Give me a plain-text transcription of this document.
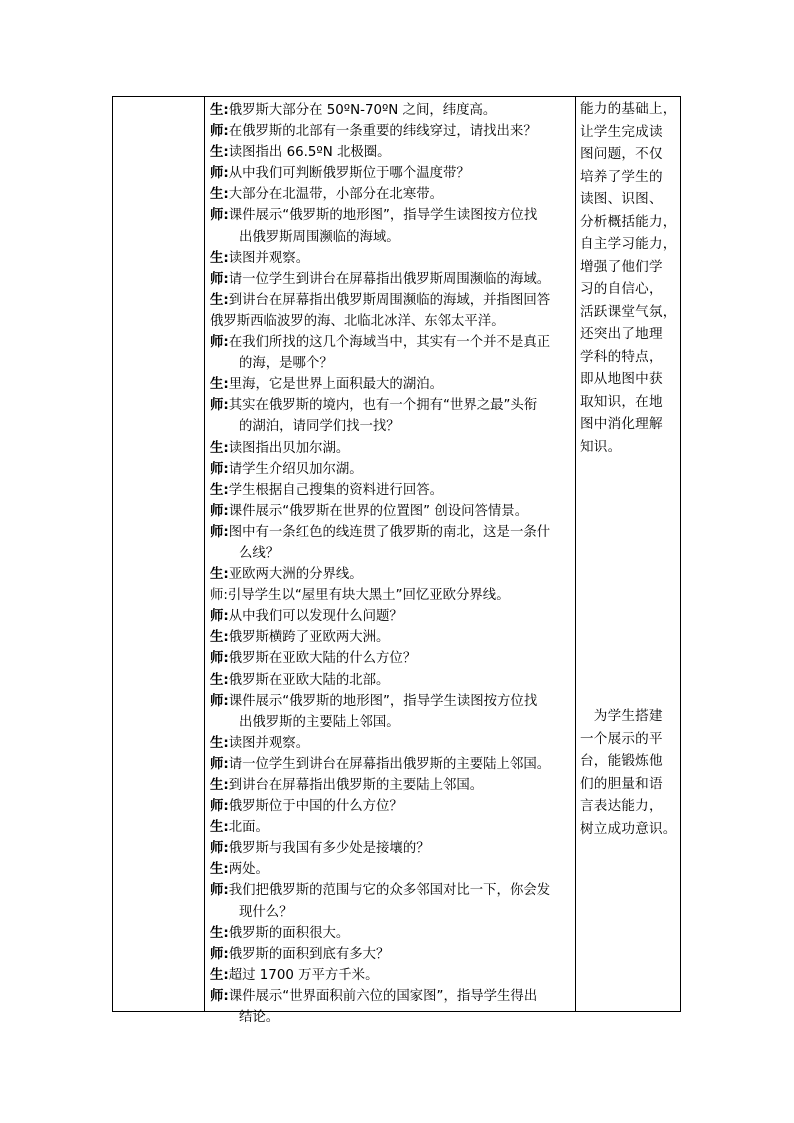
生:俄罗斯大部分在 50ºN-70ºN 之间，纬度高。
师:在俄罗斯的北部有一条重要的纬线穿过，请找出来？
生:读图指出 66.5ºN 北极圈。
师:从中我们可判断俄罗斯位于哪个温度带？
生:大部分在北温带，小部分在北寒带。
师:课件展示“俄罗斯的地形图”，指导学生读图按方位找
出俄罗斯周围濒临的海域。
生:读图并观察。
师:请一位学生到讲台在屏幕指出俄罗斯周围濒临的海域。
生:到讲台在屏幕指出俄罗斯周围濒临的海域，并指图回答
俄罗斯西临波罗的海、北临北冰洋、东邻太平洋。
师:在我们所找的这几个海域当中，其实有一个并不是真正
的海，是哪个？
生:里海，它是世界上面积最大的湖泊。
师:其实在俄罗斯的境内，也有一个拥有“世界之最”头衔
的湖泊，请同学们找一找？
生:读图指出贝加尔湖。
师:请学生介绍贝加尔湖。
生:学生根据自己搜集的资料进行回答。
师:课件展示“俄罗斯在世界的位置图” 创设问答情景。
师:图中有一条红色的线连贯了俄罗斯的南北，这是一条什
么线？
生:亚欧两大洲的分界线。
师:引导学生以“屋里有块大黑土”回忆亚欧分界线。
师:从中我们可以发现什么问题？
生:俄罗斯横跨了亚欧两大洲。
师:俄罗斯在亚欧大陆的什么方位？
生:俄罗斯在亚欧大陆的北部。
师:课件展示“俄罗斯的地形图”，指导学生读图按方位找
出俄罗斯的主要陆上邻国。
生:读图并观察。
师:请一位学生到讲台在屏幕指出俄罗斯的主要陆上邻国。
生:到讲台在屏幕指出俄罗斯的主要陆上邻国。
师:俄罗斯位于中国的什么方位？
生:北面。
师:俄罗斯与我国有多少处是接壤的？
生:两处。
师:我们把俄罗斯的范围与它的众多邻国对比一下，你会发
现什么？
生:俄罗斯的面积很大。
师:俄罗斯的面积到底有多大？
生:超过 1700 万平方千米。
师:课件展示“世界面积前六位的国家图”，指导学生得出
结论。
能力的基础上，
让学生完成读
图问题，不仅
培养了学生的
读图、识图、
分析概括能力，
自主学习能力，
增强了他们学
习的自信心，
活跃课堂气氛，
还突出了地理
学科的特点，
即从地图中获
取知识，在地
图中消化理解
知识。
　为学生搭建
一个展示的平
台，能锻炼他
们的胆量和语
言表达能力，
树立成功意识。
